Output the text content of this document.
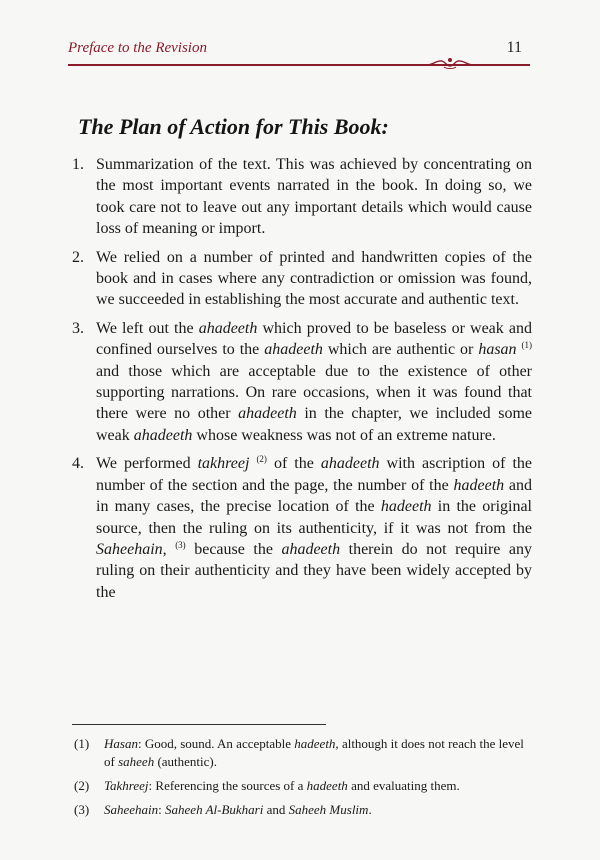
Preface to the Revision	11
The Plan of Action for This Book:
1. Summarization of the text. This was achieved by concentrating on the most important events narrated in the book. In doing so, we took care not to leave out any important details which would cause loss of meaning or import.
2. We relied on a number of printed and handwritten copies of the book and in cases where any contradiction or omission was found, we succeeded in establishing the most accurate and authentic text.
3. We left out the ahadeeth which proved to be baseless or weak and confined ourselves to the ahadeeth which are authentic or hasan $^{(1)}$ and those which are acceptable due to the existence of other supporting narrations. On rare occasions, when it was found that there were no other ahadeeth in the chapter, we included some weak ahadeeth whose weakness was not of an extreme nature.
4. We performed takhreej $^{(2)}$ of the ahadeeth with ascription of the number of the section and the page, the number of the hadeeth and in many cases, the precise location of the hadeeth in the original source, then the ruling on its authenticity, if it was not from the Saheehain, $^{(3)}$ because the ahadeeth therein do not require any ruling on their authenticity and they have been widely accepted by the
(1) Hasan: Good, sound. An acceptable hadeeth, although it does not reach the level of saheeh (authentic).
(2) Takhreej: Referencing the sources of a hadeeth and evaluating them.
(3) Saheehain: Saheeh Al-Bukhari and Saheeh Muslim.
